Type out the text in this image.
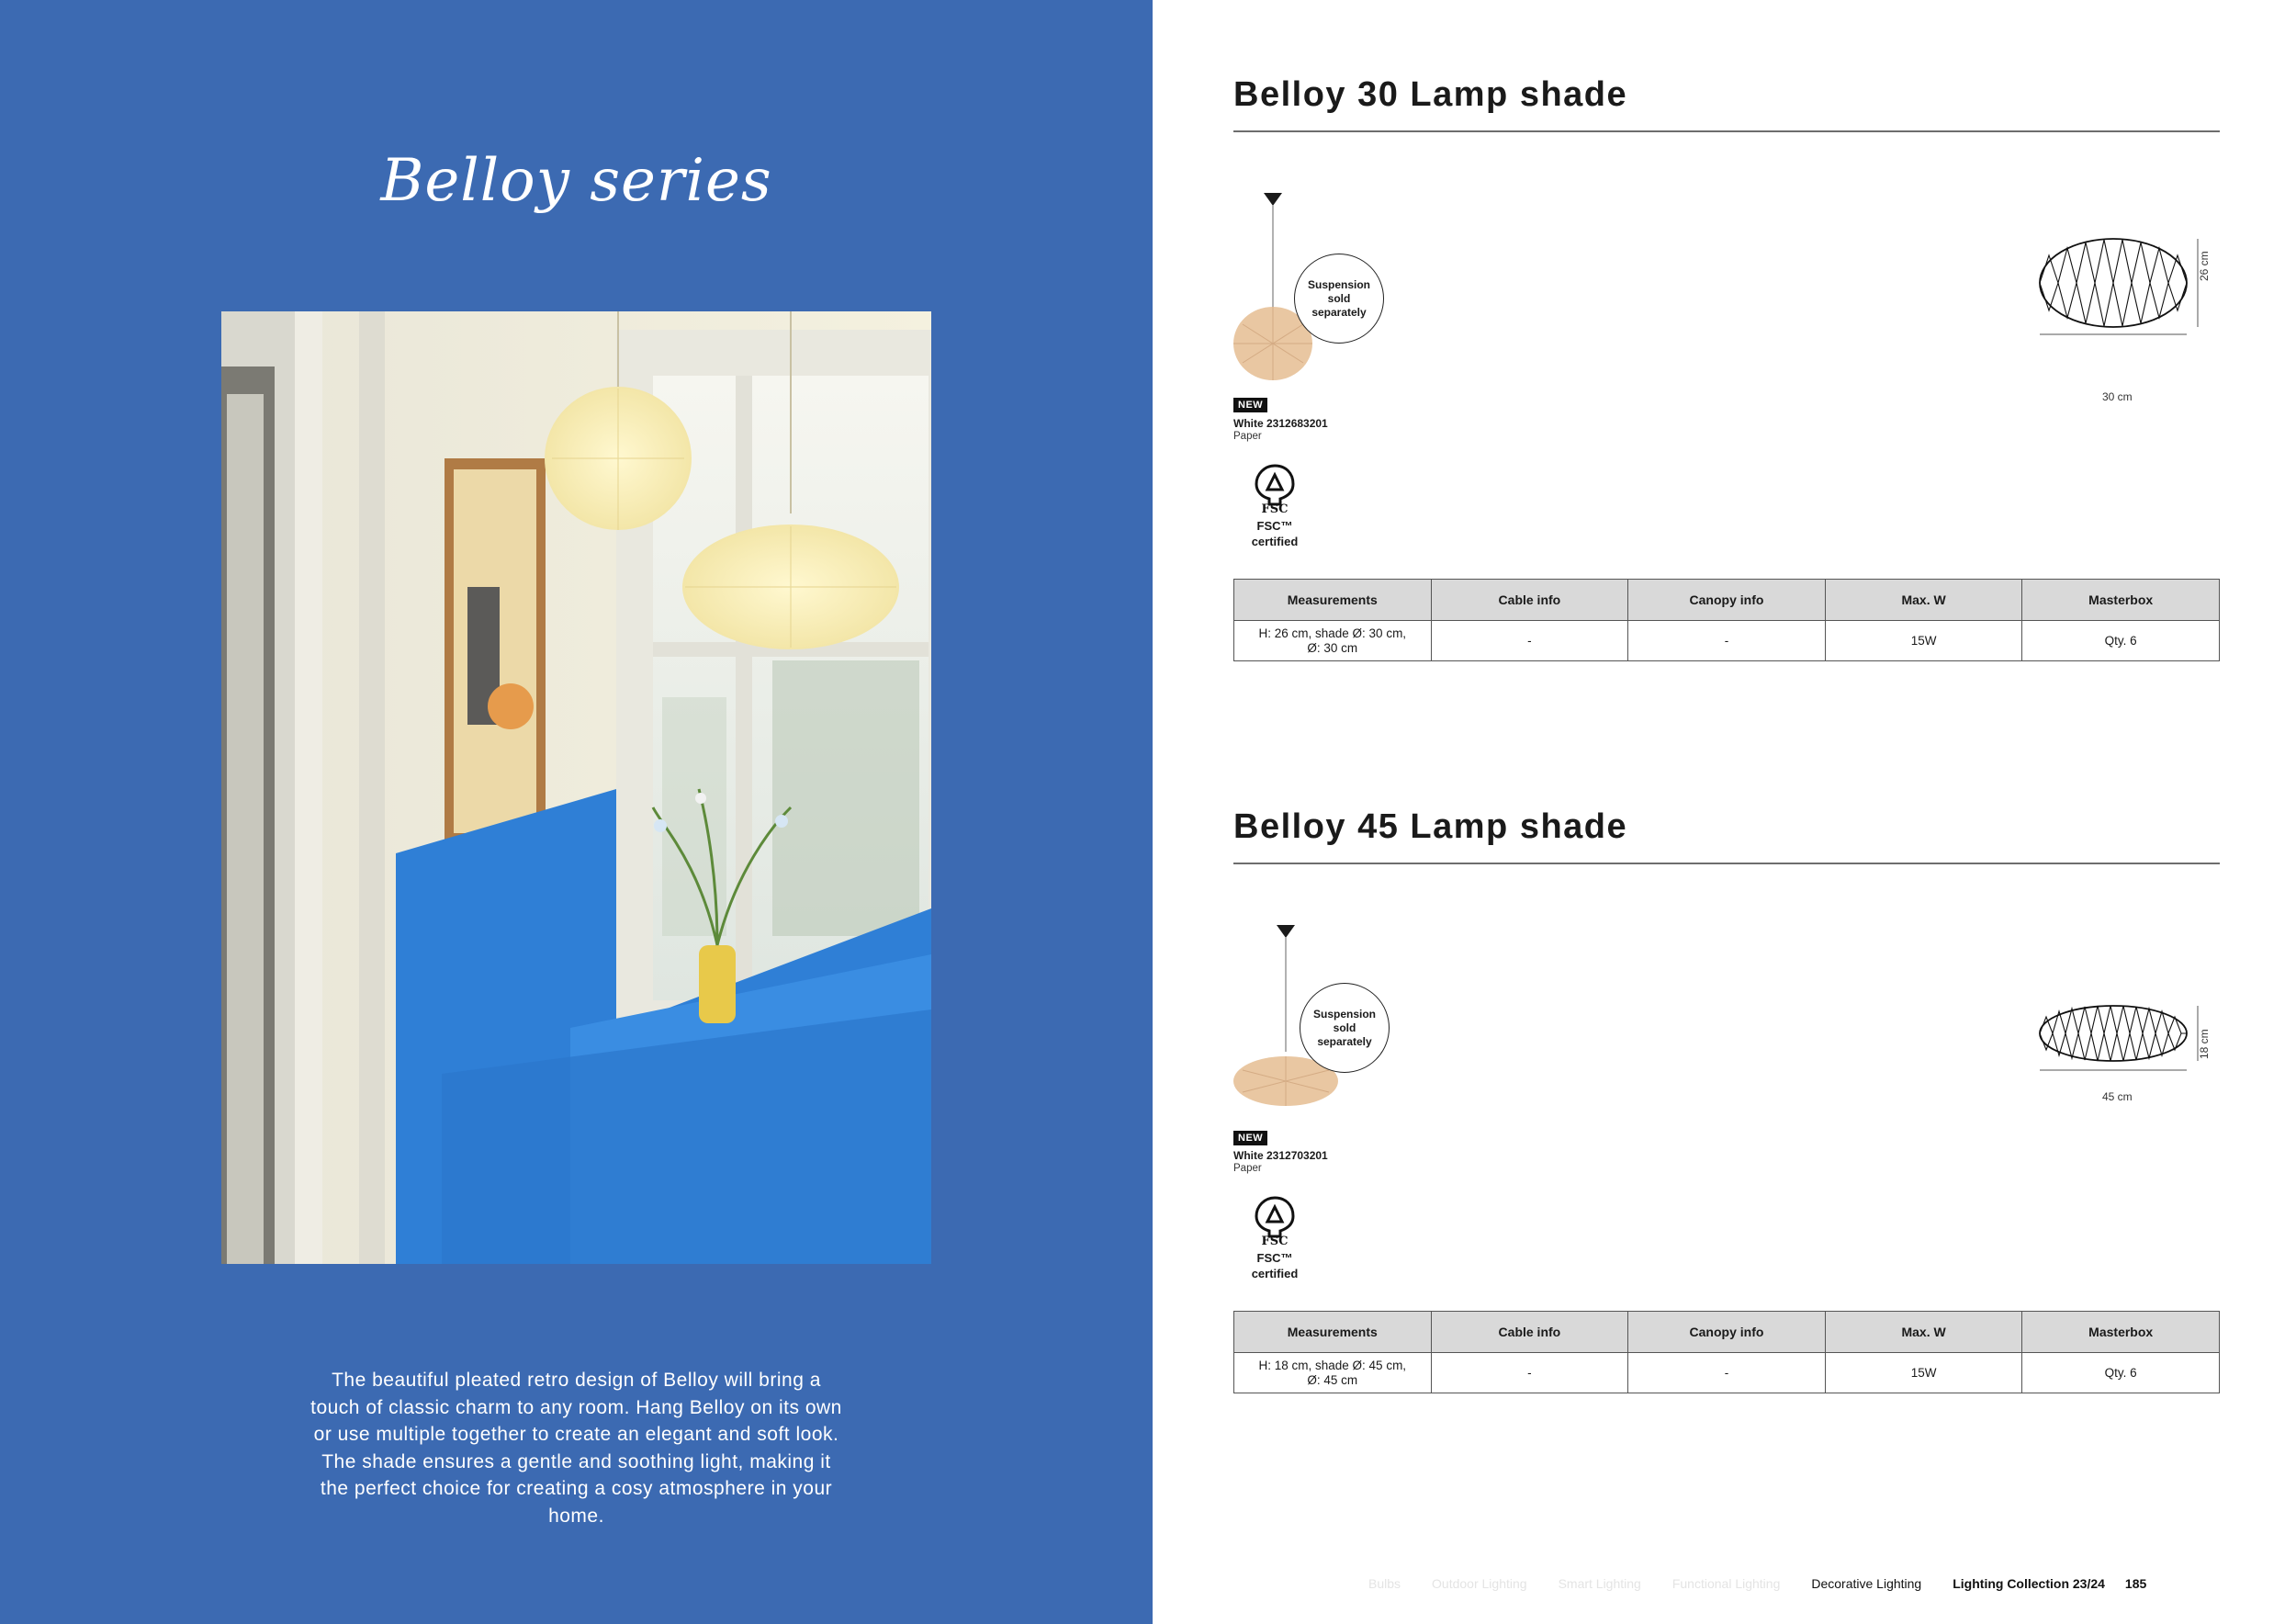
Belloy series

The beautiful pleated retro design of Belloy will bring a touch of classic charm to any room. Hang Belloy on its own or use multiple together to create an elegant and soft look. The shade ensures a gentle and soothing light, making it the perfect choice for creating a cosy atmosphere in your home.

Belloy 30 Lamp shade
Suspension sold separately
NEW
White 2312683201
Paper
FSC
FSC™
certified
30 cm
26 cm
Measurements	Cable info	Canopy info	Max. W	Masterbox
H: 26 cm, shade Ø: 30 cm, Ø: 30 cm	-	-	15W	Qty. 6
Belloy 45 Lamp shade
Suspension sold separately
NEW
White 2312703201
Paper
FSC
FSC™
certified
45 cm
18 cm
Measurements	Cable info	Canopy info	Max. W	Masterbox
H: 18 cm, shade Ø: 45 cm, Ø: 45 cm	-	-	15W	Qty. 6
Bulbs Outdoor Lighting Smart Lighting Functional Lighting Decorative Lighting Lighting Collection 23/24 185
